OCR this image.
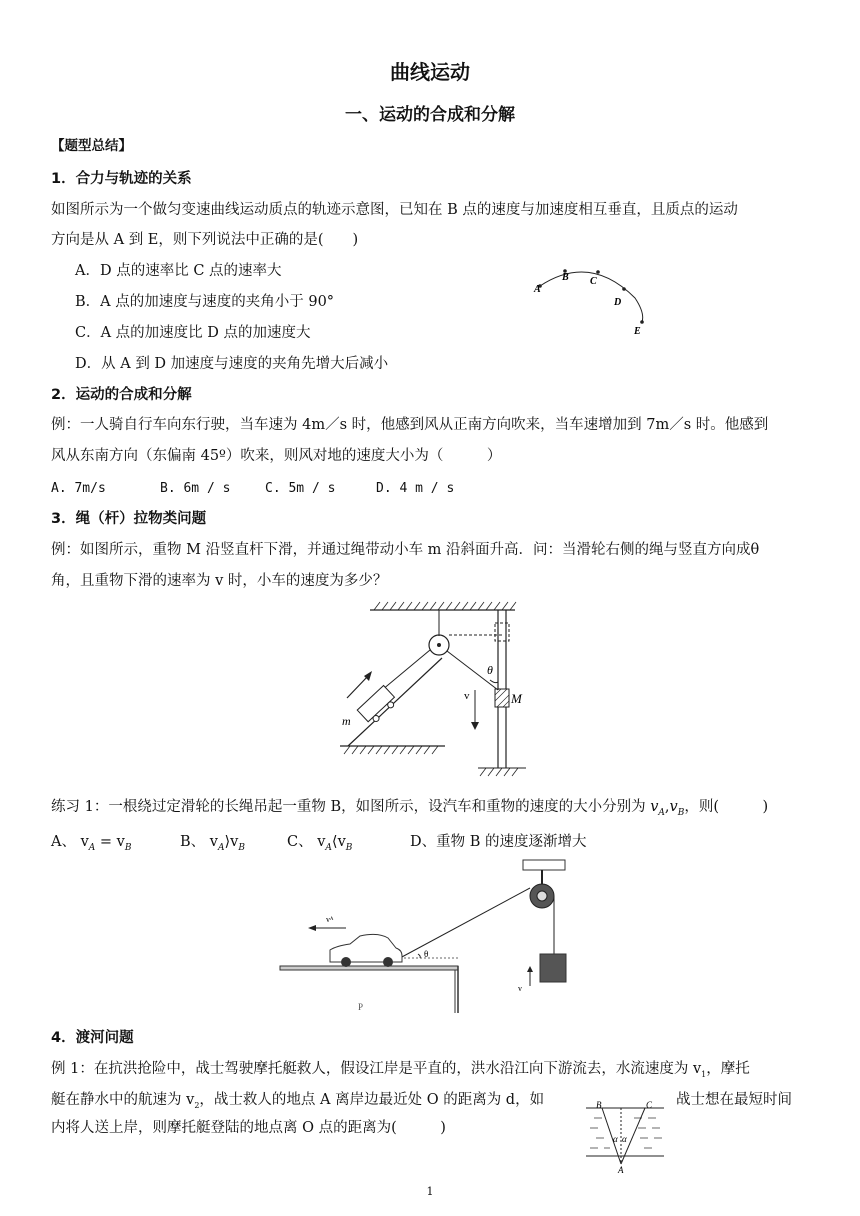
曲线运动
一、运动的合成和分解
【题型总结】
1．合力与轨迹的关系
如图所示为一个做匀变速曲线运动质点的轨迹示意图，已知在 B 点的速度与加速度相互垂直，且质点的运动
方向是从 A 到 E，则下列说法中正确的是(　　)
A．D 点的速率比 C 点的速率大
B．A 点的加速度与速度的夹角小于 90°
C．A 点的加速度比 D 点的加速度大
D．从 A 到 D 加速度与速度的夹角先增大后减小
A
B C
D
E
2．运动的合成和分解
例：一人骑自行车向东行驶，当车速为 4m／s 时，他感到风从正南方向吹来，当车速增加到 7m／s 时。他感到
风从东南方向（东偏南 45º）吹来，则风对地的速度大小为（　　　）
A. 7m/s	B. 6m / s	C. 5m / s	D. 4 m / s
3．绳（杆）拉物类问题
例：如图所示，重物 M 沿竖直杆下滑，并通过绳带动小车 m 沿斜面升高．问：当滑轮右侧的绳与竖直方向成θ
角，且重物下滑的速率为 v 时，小车的速度为多少？
θ
M
v
m
练习 1：一根绕过定滑轮的长绳吊起一重物 B，如图所示，设汽车和重物的速度的大小分别为 $v_A,v_B$，则(　　　)
A、 $v_A = v_B$	B、 $v_A⟩v_B$	C、 $v_A⟨v_B$	D、重物 B 的速度逐渐增大
θ
vᴬ
v
P
4．渡河问题
例 1：在抗洪抢险中，战士驾驶摩托艇救人，假设江岸是平直的，洪水沿江向下游流去，水流速度为 $v_1$，摩托
艇在静水中的航速为 $v_2$，战士救人的地点 A 离岸边最近处 O 的距离为 d，如	战士想在最短时间
内将人送上岸，则摩托艇登陆的地点离 O 点的距离为(　　　)
B	C
A
α α
1
